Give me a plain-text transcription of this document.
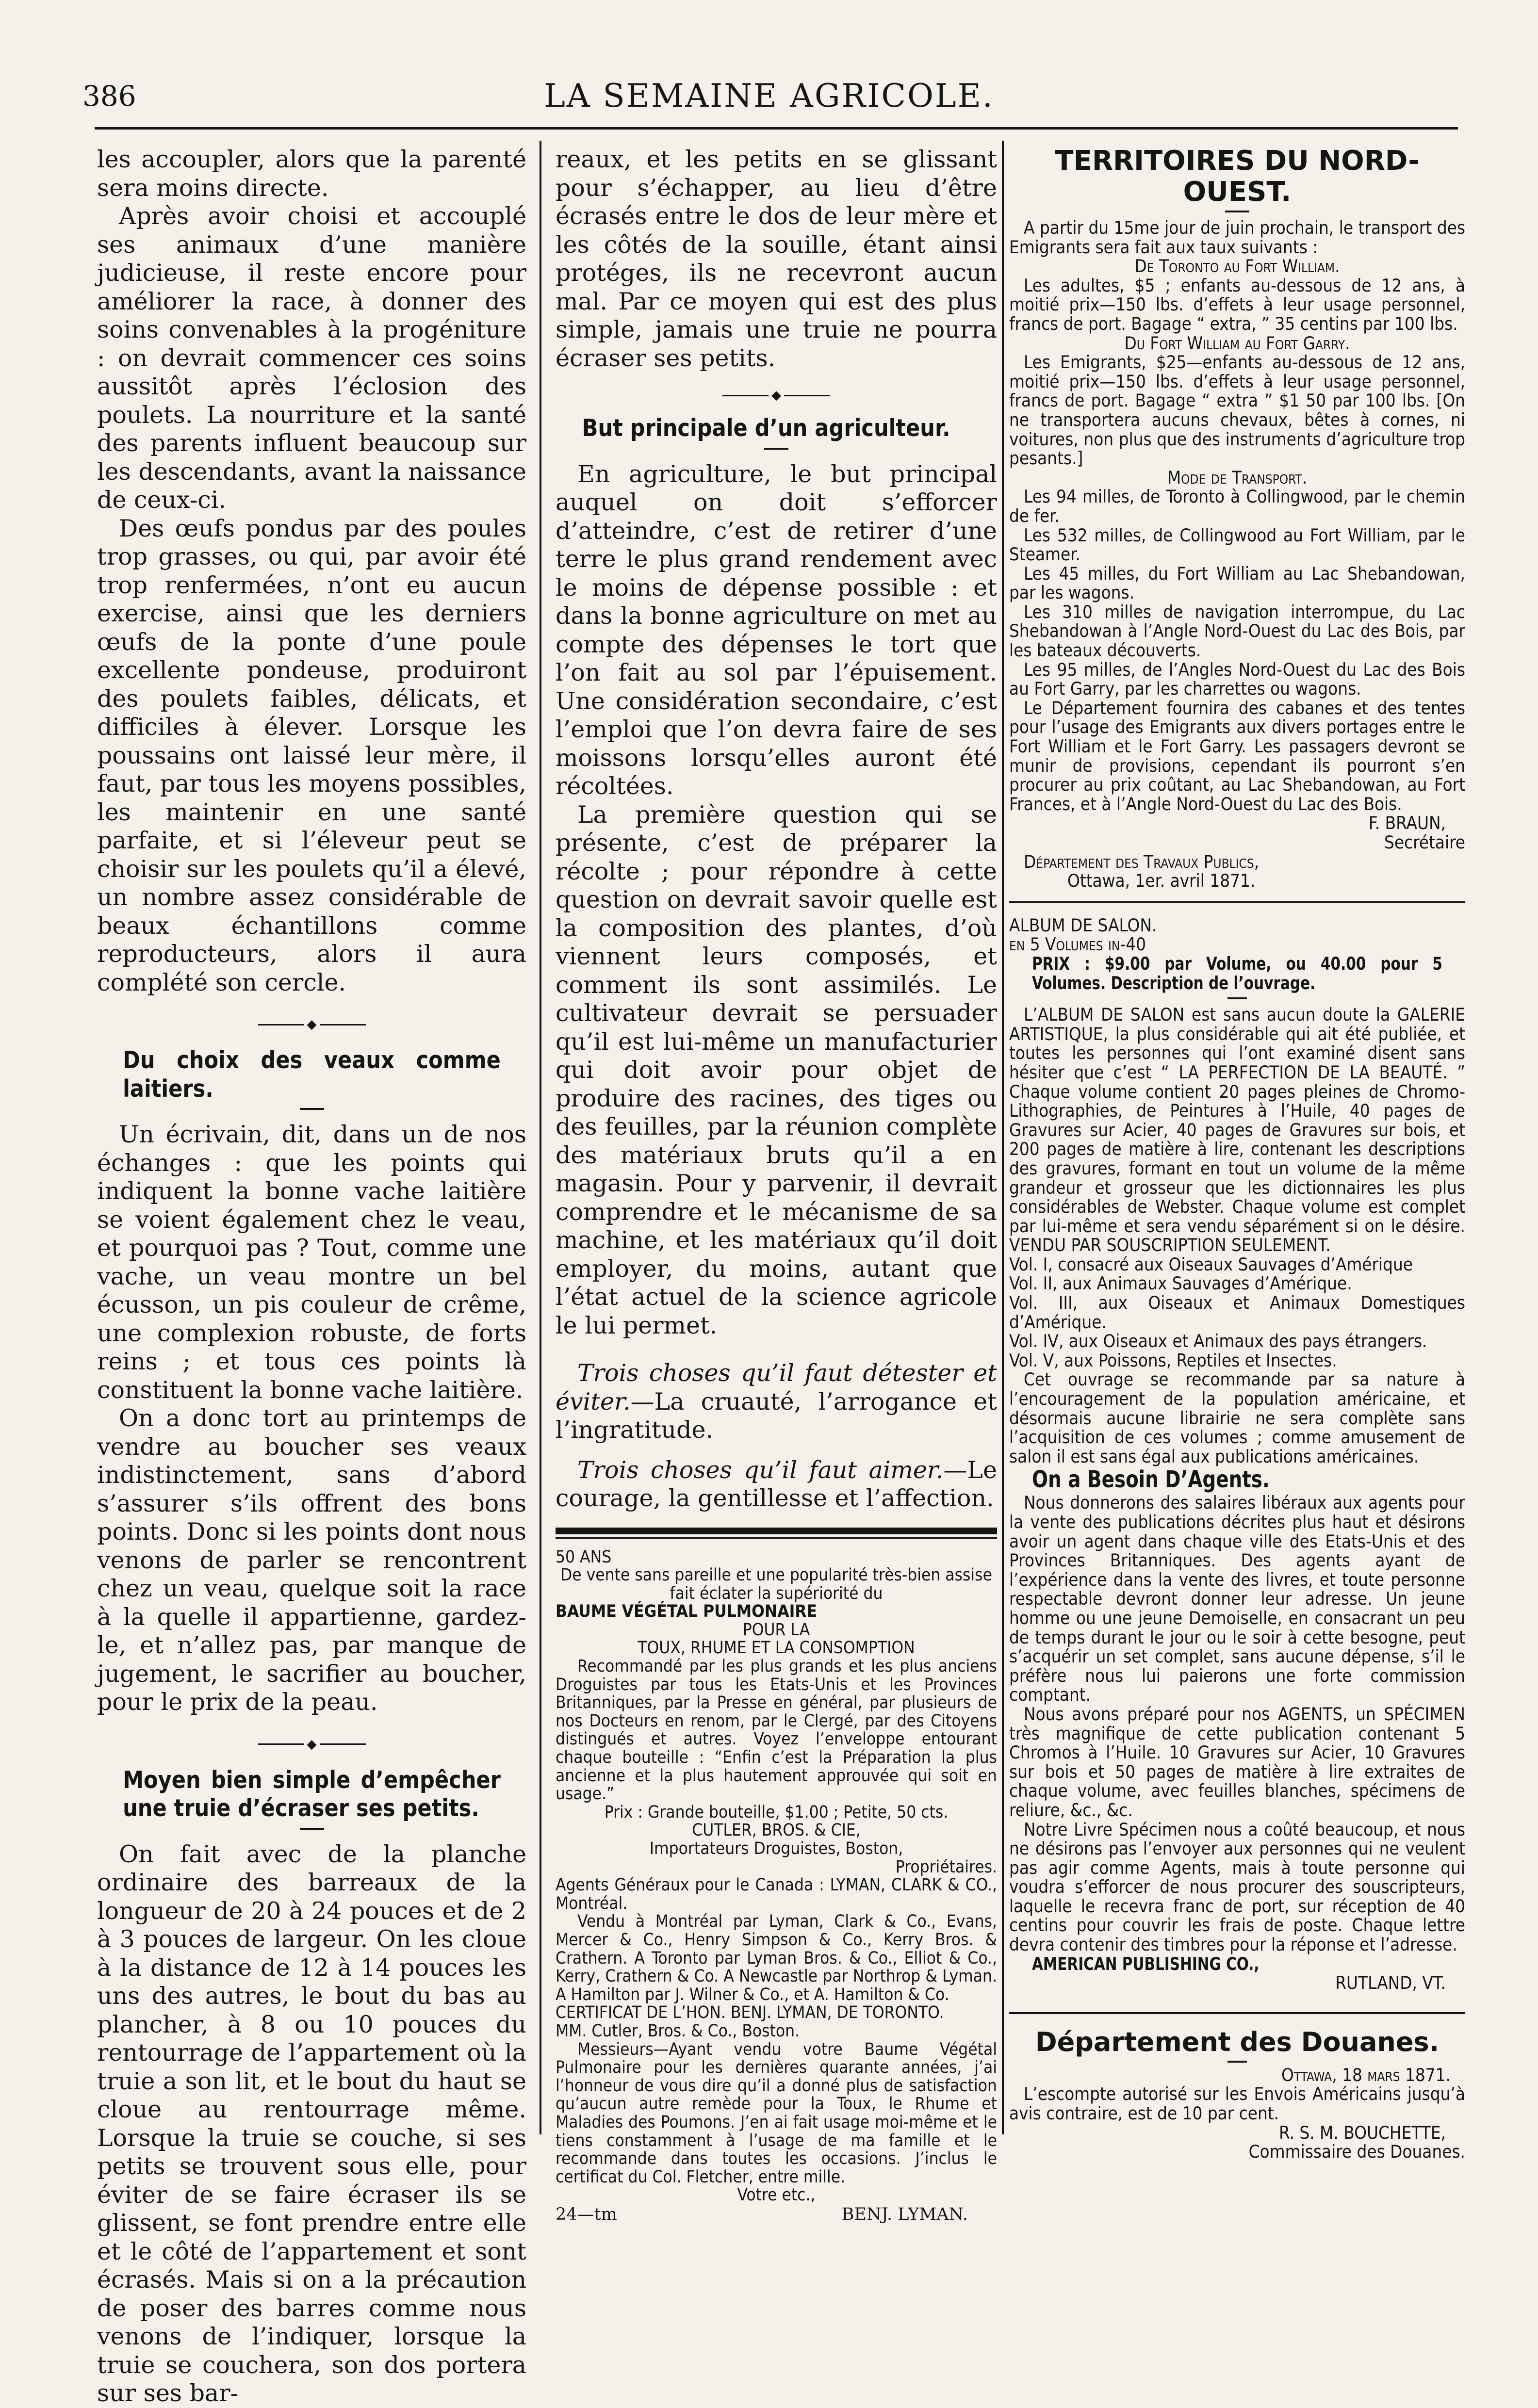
386	LA SEMAINE AGRICOLE.

les accoupler, alors que la parenté sera moins directe.

Après avoir choisi et accouplé ses animaux d’une manière judicieuse, il reste encore pour améliorer la race, à donner des soins convenables à la progéniture : on devrait commencer ces soins aussitôt après l’éclosion des poulets. La nourriture et la santé des parents influent beaucoup sur les descendants, avant la naissance de ceux-ci.

Des œufs pondus par des poules trop grasses, ou qui, par avoir été trop renfermées, n’ont eu aucun exercise, ainsi que les derniers œufs de la ponte d’une poule excellente pondeuse, produiront des poulets faibles, délicats, et difficiles à élever. Lorsque les poussains ont laissé leur mère, il faut, par tous les moyens possibles, les maintenir en une santé parfaite, et si l’éleveur peut se choisir sur les poulets qu’il a élevé, un nombre assez considérable de beaux échantillons comme reproducteurs, alors il aura complété son cercle.

◆

Du choix des veaux comme laitiers.

Un écrivain, dit, dans un de nos échanges : que les points qui indiquent la bonne vache laitière se voient également chez le veau, et pourquoi pas ? Tout, comme une vache, un veau montre un bel écusson, un pis couleur de crême, une complexion robuste, de forts reins ; et tous ces points là constituent la bonne vache laitière.

On a donc tort au printemps de vendre au boucher ses veaux indistinctement, sans d’abord s’assurer s’ils offrent des bons points. Donc si les points dont nous venons de parler se rencontrent chez un veau, quelque soit la race à la quelle il appartienne, gardez-le, et n’allez pas, par manque de jugement, le sacrifier au boucher, pour le prix de la peau.

◆

Moyen bien simple d’empêcher une truie d’écraser ses petits.

On fait avec de la planche ordinaire des barreaux de la longueur de 20 à 24 pouces et de 2 à 3 pouces de largeur. On les cloue à la distance de 12 à 14 pouces les uns des autres, le bout du bas au plancher, à 8 ou 10 pouces du rentourrage de l’appartement où la truie a son lit, et le bout du haut se cloue au rentourrage même. Lorsque la truie se couche, si ses petits se trouvent sous elle, pour éviter de se faire écraser ils se glissent, se font prendre entre elle et le côté de l’appartement et sont écrasés. Mais si on a la précaution de poser des barres comme nous venons de l’indiquer, lorsque la truie se couchera, son dos portera sur ses bar-

reaux, et les petits en se glissant pour s’échapper, au lieu d’être écrasés entre le dos de leur mère et les côtés de la souille, étant ainsi protéges, ils ne recevront aucun mal. Par ce moyen qui est des plus simple, jamais une truie ne pourra écraser ses petits.

◆

But principale d’un agriculteur.

En agriculture, le but principal auquel on doit s’efforcer d’atteindre, c’est de retirer d’une terre le plus grand rendement avec le moins de dépense possible : et dans la bonne agriculture on met au compte des dépenses le tort que l’on fait au sol par l’épuisement. Une considération secondaire, c’est l’emploi que l’on devra faire de ses moissons lorsqu’elles auront été récoltées.

La première question qui se présente, c’est de préparer la récolte ; pour répondre à cette question on devrait savoir quelle est la composition des plantes, d’où viennent leurs composés, et comment ils sont assimilés. Le cultivateur devrait se persuader qu’il est lui-même un manufacturier qui doit avoir pour objet de produire des racines, des tiges ou des feuilles, par la réunion complète des matériaux bruts qu’il a en magasin. Pour y parvenir, il devrait comprendre et le mécanisme de sa machine, et les matériaux qu’il doit employer, du moins, autant que l’état actuel de la science agricole le lui permet.

Trois choses qu’il faut détester et éviter.—La cruauté, l’arrogance et l’ingratitude.

Trois choses qu’il faut aimer.—Le courage, la gentillesse et l’affection.

50 ANS

De vente sans pareille et une popularité très-bien assise fait éclater la supériorité du

BAUME VÉGÉTAL PULMONAIRE

POUR LA

TOUX, RHUME ET LA CONSOMPTION

Recommandé par les plus grands et les plus anciens Droguistes par tous les Etats-Unis et les Provinces Britanniques, par la Presse en général, par plusieurs de nos Docteurs en renom, par le Clergé, par des Citoyens distingués et autres. Voyez l’enveloppe entourant chaque bouteille : “Enfin c’est la Préparation la plus ancienne et la plus hautement approuvée qui soit en usage.”

Prix : Grande bouteille, $1.00 ; Petite, 50 cts.

CUTLER, BROS. & CIE,

Importateurs Droguistes, Boston,

Propriétaires.

Agents Généraux pour le Canada : LYMAN, CLARK & CO., Montréal.

Vendu à Montréal par Lyman, Clark & Co., Evans, Mercer & Co., Henry Simpson & Co., Kerry Bros. & Crathern. A Toronto par Lyman Bros. & Co., Elliot & Co., Kerry, Crathern & Co. A Newcastle par Northrop & Lyman. A Hamilton par J. Wilner & Co., et A. Hamilton & Co.

CERTIFICAT DE L’HON. BENJ. LYMAN, DE TORONTO.

MM. Cutler, Bros. & Co., Boston.

Messieurs—Ayant vendu votre Baume Végétal Pulmonaire pour les dernières quarante années, j’ai l’honneur de vous dire qu’il a donné plus de satisfaction qu’aucun autre remède pour la Toux, le Rhume et Maladies des Poumons. J’en ai fait usage moi-même et le tiens constamment à l’usage de ma famille et le recommande dans toutes les occasions. J’inclus le certificat du Col. Fletcher, entre mille.

Votre etc.,

24—tm	BENJ. LYMAN.

TERRITOIRES DU NORD-OUEST.

A partir du 15me jour de juin prochain, le transport des Emigrants sera fait aux taux suivants :

De Toronto au Fort William.

Les adultes, $5 ; enfants au-dessous de 12 ans, à moitié prix—150 lbs. d’effets à leur usage personnel, francs de port. Bagage “ extra, ” 35 centins par 100 lbs.

Du Fort William au Fort Garry.

Les Emigrants, $25—enfants au-dessous de 12 ans, moitié prix—150 lbs. d’effets à leur usage personnel, francs de port. Bagage “ extra ” $1 50 par 100 lbs. [On ne transportera aucuns chevaux, bêtes à cornes, ni voitures, non plus que des instruments d’agriculture trop pesants.]

Mode de Transport.

Les 94 milles, de Toronto à Collingwood, par le chemin de fer.

Les 532 milles, de Collingwood au Fort William, par le Steamer.

Les 45 milles, du Fort William au Lac Shebandowan, par les wagons.

Les 310 milles de navigation interrompue, du Lac Shebandowan à l’Angle Nord-Ouest du Lac des Bois, par les bateaux découverts.

Les 95 milles, de l’Angles Nord-Ouest du Lac des Bois au Fort Garry, par les charrettes ou wagons.

Le Département fournira des cabanes et des tentes pour l’usage des Emigrants aux divers portages entre le Fort William et le Fort Garry. Les passagers devront se munir de provisions, cependant ils pourront s’en procurer au prix coûtant, au Lac Shebandowan, au Fort Frances, et à l’Angle Nord-Ouest du Lac des Bois.

F. BRAUN,

Secrétaire

Département des Travaux Publics,

Ottawa, 1er. avril 1871.

ALBUM DE SALON.

en 5 Volumes in-40

PRIX : $9.00 par Volume, ou 40.00 pour 5 Volumes. Description de l’ouvrage.

L’ALBUM DE SALON est sans aucun doute la GALERIE ARTISTIQUE, la plus considérable qui ait été publiée, et toutes les personnes qui l’ont examiné disent sans hésiter que c’est “ LA PERFECTION DE LA BEAUTÉ. ” Chaque volume contient 20 pages pleines de Chromo-Lithographies, de Peintures à l’Huile, 40 pages de Gravures sur Acier, 40 pages de Gravures sur bois, et 200 pages de matière à lire, contenant les descriptions des gravures, formant en tout un volume de la même grandeur et grosseur que les dictionnaires les plus considérables de Webster. Chaque volume est complet par lui-même et sera vendu séparément si on le désire. VENDU PAR SOUSCRIPTION SEULEMENT.

Vol. I, consacré aux Oiseaux Sauvages d’Amérique

Vol. II, aux Animaux Sauvages d’Amérique.

Vol. III, aux Oiseaux et Animaux Domestiques d’Amérique.

Vol. IV, aux Oiseaux et Animaux des pays étrangers.

Vol. V, aux Poissons, Reptiles et Insectes.

Cet ouvrage se recommande par sa nature à l’encouragement de la population américaine, et désormais aucune librairie ne sera complète sans l’acquisition de ces volumes ; comme amusement de salon il est sans égal aux publications américaines.

On a Besoin D’Agents.

Nous donnerons des salaires libéraux aux agents pour la vente des publications décrites plus haut et désirons avoir un agent dans chaque ville des Etats-Unis et des Provinces Britanniques. Des agents ayant de l’expérience dans la vente des livres, et toute personne respectable devront donner leur adresse. Un jeune homme ou une jeune Demoiselle, en consacrant un peu de temps durant le jour ou le soir à cette besogne, peut s’acquérir un set complet, sans aucune dépense, s’il le préfère nous lui paierons une forte commission comptant.

Nous avons préparé pour nos AGENTS, un SPÉCIMEN très magnifique de cette publication contenant 5 Chromos à l’Huile. 10 Gravures sur Acier, 10 Gravures sur bois et 50 pages de matière à lire extraites de chaque volume, avec feuilles blanches, spécimens de reliure, &c., &c.

Notre Livre Spécimen nous a coûté beaucoup, et nous ne désirons pas l’envoyer aux personnes qui ne veulent pas agir comme Agents, mais à toute personne qui voudra s’efforcer de nous procurer des souscripteurs, laquelle le recevra franc de port, sur réception de 40 centins pour couvrir les frais de poste. Chaque lettre devra contenir des timbres pour la réponse et l’adresse.

AMERICAN PUBLISHING CO.,

RUTLAND, VT.

Département des Douanes.

Ottawa, 18 mars 1871.

L’escompte autorisé sur les Envois Américains jusqu’à avis contraire, est de 10 par cent.

R. S. M. BOUCHETTE,

Commissaire des Douanes.
